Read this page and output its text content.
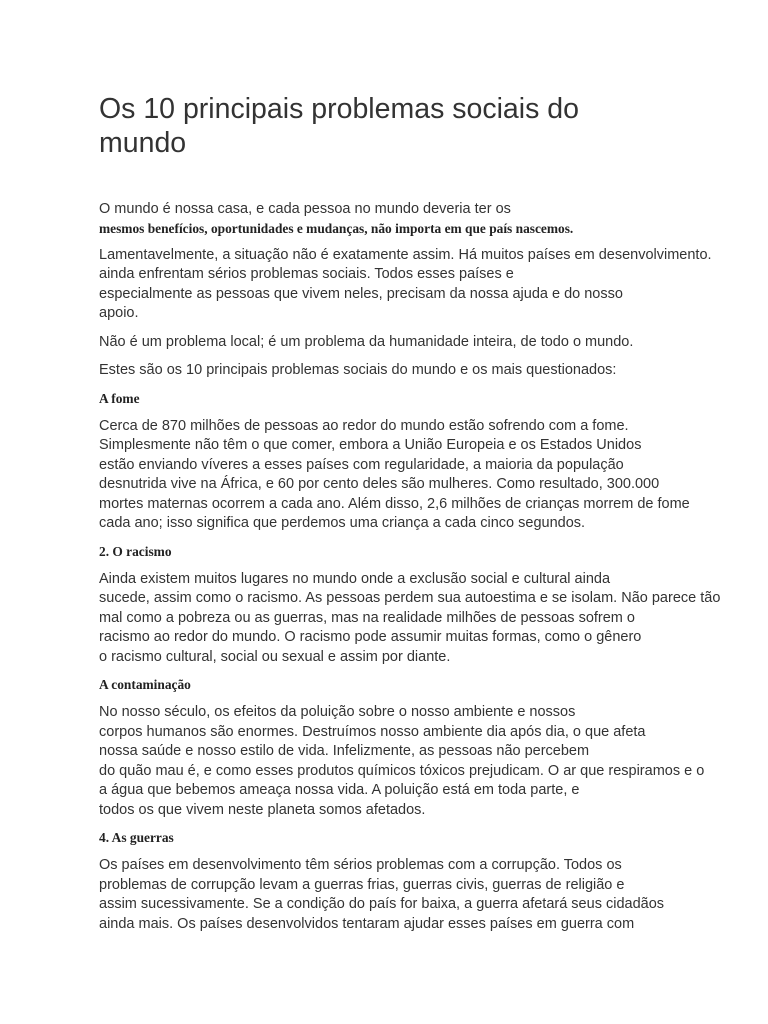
Os 10 principais problemas sociais do
mundo
O mundo é nossa casa, e cada pessoa no mundo deveria ter os
mesmos benefícios, oportunidades e mudanças, não importa em que país nascemos.
Lamentavelmente, a situação não é exatamente assim. Há muitos países em desenvolvimento.
ainda enfrentam sérios problemas sociais. Todos esses países e
especialmente as pessoas que vivem neles, precisam da nossa ajuda e do nosso
apoio.
Não é um problema local; é um problema da humanidade inteira, de todo o mundo.
Estes são os 10 principais problemas sociais do mundo e os mais questionados:
A fome
Cerca de 870 milhões de pessoas ao redor do mundo estão sofrendo com a fome.
Simplesmente não têm o que comer, embora a União Europeia e os Estados Unidos
estão enviando víveres a esses países com regularidade, a maioria da população
desnutrida vive na África, e 60 por cento deles são mulheres. Como resultado, 300.000
mortes maternas ocorrem a cada ano. Além disso, 2,6 milhões de crianças morrem de fome
cada ano; isso significa que perdemos uma criança a cada cinco segundos.
2. O racismo
Ainda existem muitos lugares no mundo onde a exclusão social e cultural ainda
sucede, assim como o racismo. As pessoas perdem sua autoestima e se isolam. Não parece tão
mal como a pobreza ou as guerras, mas na realidade milhões de pessoas sofrem o
racismo ao redor do mundo. O racismo pode assumir muitas formas, como o gênero
o racismo cultural, social ou sexual e assim por diante.
A contaminação
No nosso século, os efeitos da poluição sobre o nosso ambiente e nossos
corpos humanos são enormes. Destruímos nosso ambiente dia após dia, o que afeta
nossa saúde e nosso estilo de vida. Infelizmente, as pessoas não percebem
do quão mau é, e como esses produtos químicos tóxicos prejudicam. O ar que respiramos e o
a água que bebemos ameaça nossa vida. A poluição está em toda parte, e
todos os que vivem neste planeta somos afetados.
4. As guerras
Os países em desenvolvimento têm sérios problemas com a corrupção. Todos os
problemas de corrupção levam a guerras frias, guerras civis, guerras de religião e
assim sucessivamente. Se a condição do país for baixa, a guerra afetará seus cidadãos
ainda mais. Os países desenvolvidos tentaram ajudar esses países em guerra com
